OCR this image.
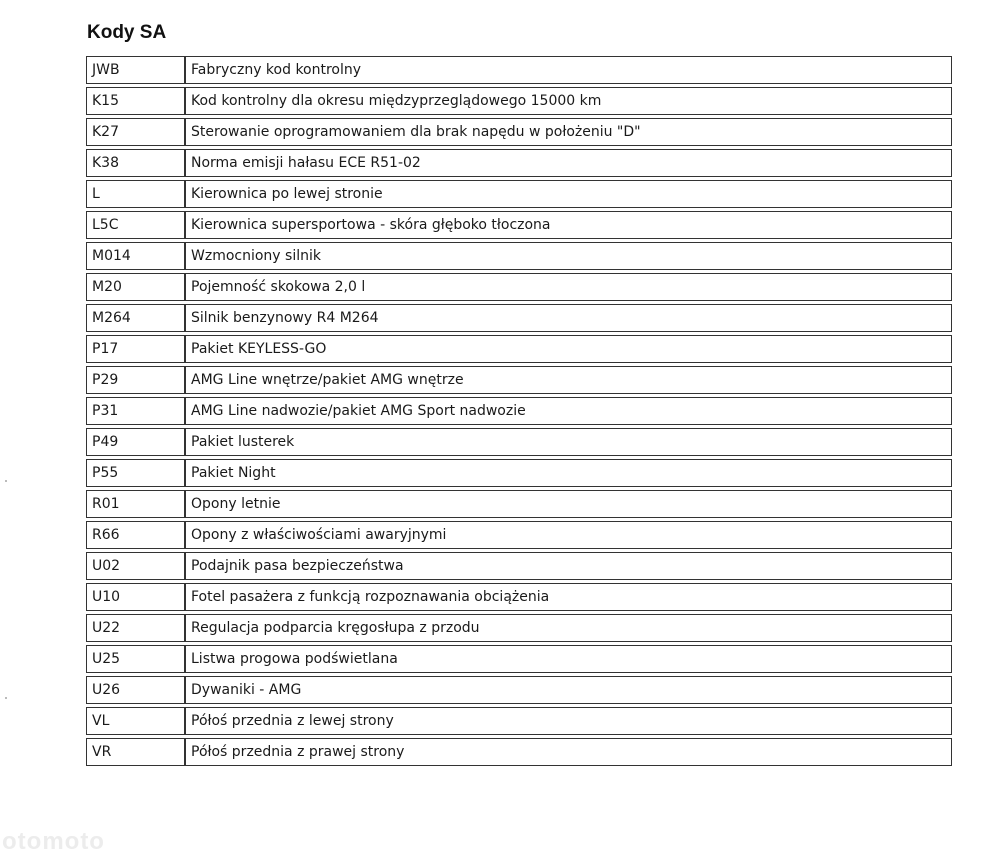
Kody SA
JWB	Fabryczny kod kontrolny
K15	Kod kontrolny dla okresu międzyprzeglądowego 15000 km
K27	Sterowanie oprogramowaniem dla brak napędu w położeniu "D"
K38	Norma emisji hałasu ECE R51-02
L	Kierownica po lewej stronie
L5C	Kierownica supersportowa - skóra głęboko tłoczona
M014	Wzmocniony silnik
M20	Pojemność skokowa 2,0 l
M264	Silnik benzynowy R4 M264
P17	Pakiet KEYLESS-GO
P29	AMG Line wnętrze/pakiet AMG wnętrze
P31	AMG Line nadwozie/pakiet AMG Sport nadwozie
P49	Pakiet lusterek
P55	Pakiet Night
R01	Opony letnie
R66	Opony z właściwościami awaryjnymi
U02	Podajnik pasa bezpieczeństwa
U10	Fotel pasażera z funkcją rozpoznawania obciążenia
U22	Regulacja podparcia kręgosłupa z przodu
U25	Listwa progowa podświetlana
U26	Dywaniki - AMG
VL	Półoś przednia z lewej strony
VR	Półoś przednia z prawej strony
otomoto
